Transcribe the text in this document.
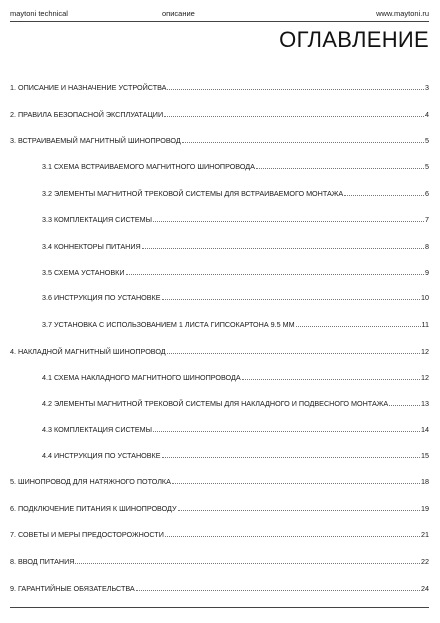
maytoni technical	описание	www.maytoni.ru
ОГЛАВЛЕНИЕ
1. ОПИСАНИЕ И НАЗНАЧЕНИЕ УСТРОЙСТВА	3
2. ПРАВИЛА БЕЗОПАСНОЙ ЭКСПЛУАТАЦИИ	4
3. ВСТРАИВАЕМЫЙ МАГНИТНЫЙ ШИНОПРОВОД	5
3.1 СХЕМА ВСТРАИВАЕМОГО МАГНИТНОГО ШИНОПРОВОДА	5
3.2 ЭЛЕМЕНТЫ МАГНИТНОЙ ТРЕКОВОЙ СИСТЕМЫ ДЛЯ ВСТРАИВАЕМОГО МОНТАЖА	6
3.3 КОМПЛЕКТАЦИЯ СИСТЕМЫ	7
3.4 КОННЕКТОРЫ ПИТАНИЯ	8
3.5 СХЕМА УСТАНОВКИ	9
3.6 ИНСТРУКЦИЯ ПО УСТАНОВКЕ	10
3.7 УСТАНОВКА С ИСПОЛЬЗОВАНИЕМ 1 ЛИСТА ГИПСОКАРТОНА 9.5 ММ	11
4. НАКЛАДНОЙ МАГНИТНЫЙ ШИНОПРОВОД	12
4.1 СХЕМА НАКЛАДНОГО МАГНИТНОГО ШИНОПРОВОДА	12
4.2 ЭЛЕМЕНТЫ МАГНИТНОЙ ТРЕКОВОЙ СИСТЕМЫ ДЛЯ НАКЛАДНОГО И ПОДВЕСНОГО МОНТАЖА	13
4.3 КОМПЛЕКТАЦИЯ СИСТЕМЫ	14
4.4 ИНСТРУКЦИЯ ПО УСТАНОВКЕ	15
5. ШИНОПРОВОД ДЛЯ НАТЯЖНОГО ПОТОЛКА	18
6. ПОДКЛЮЧЕНИЕ ПИТАНИЯ К ШИНОПРОВОДУ	19
7. СОВЕТЫ И МЕРЫ ПРЕДОСТОРОЖНОСТИ	21
8. ВВОД ПИТАНИЯ	22
9. ГАРАНТИЙНЫЕ ОБЯЗАТЕЛЬСТВА	24
